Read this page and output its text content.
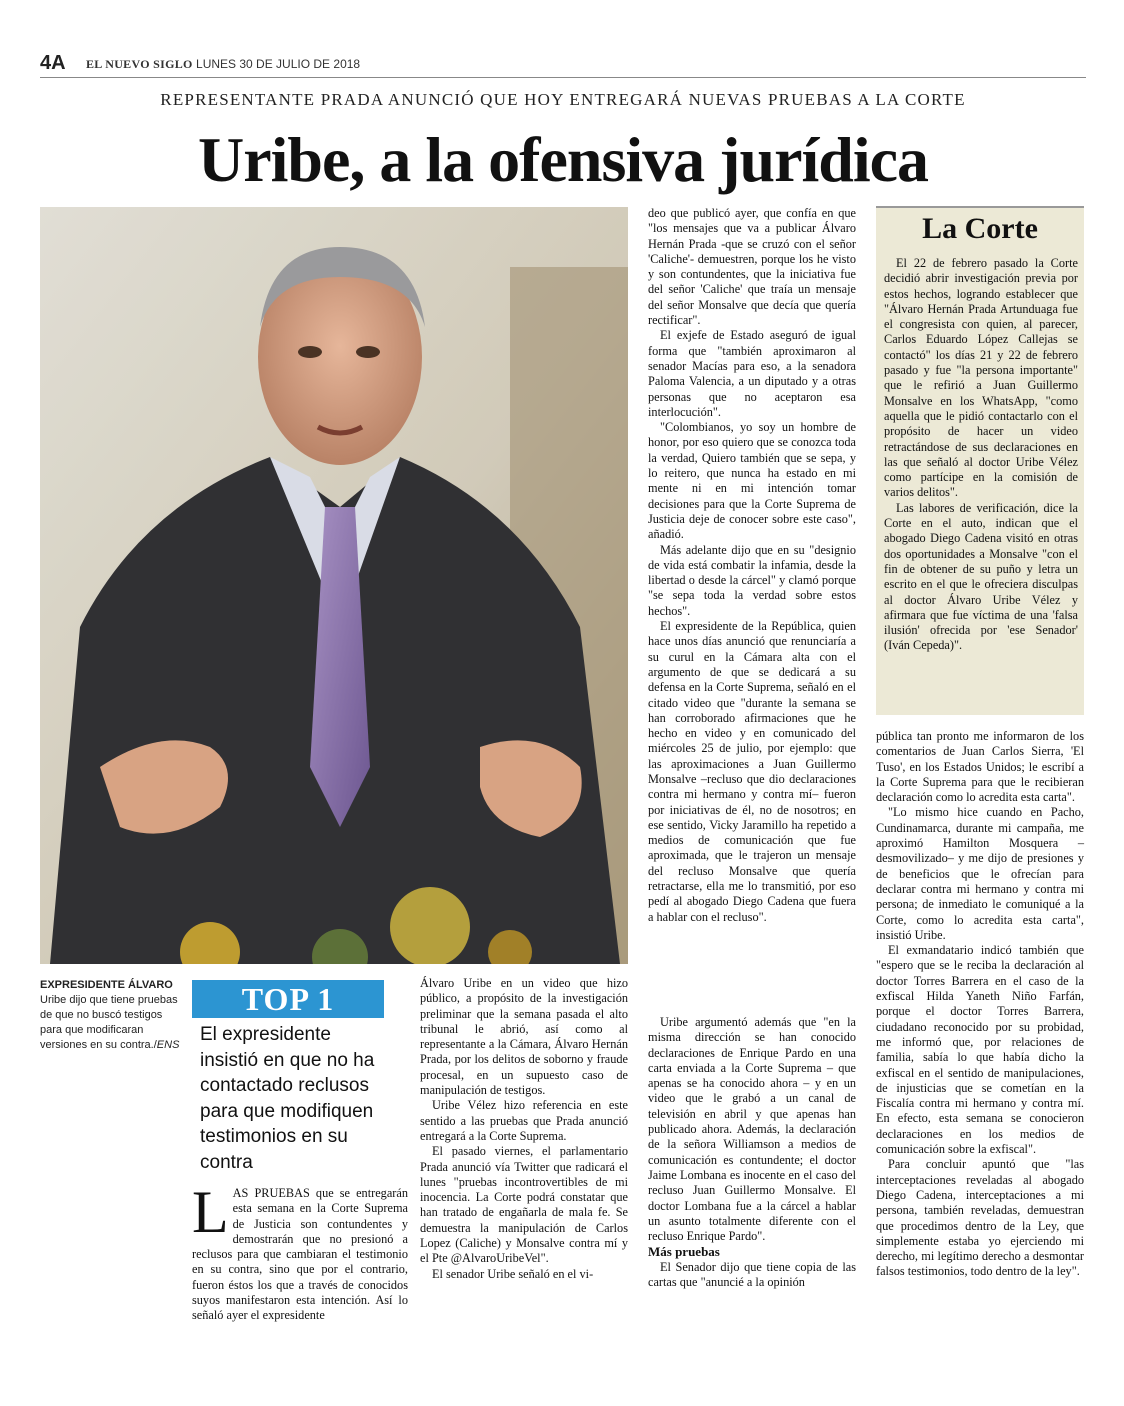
4A EL NUEVO SIGLO LUNES 30 DE JULIO DE 2018
REPRESENTANTE PRADA ANUNCIÓ QUE HOY ENTREGARÁ NUEVAS PRUEBAS A LA CORTE
Uribe, a la ofensiva jurídica
EXPRESIDENTE ÁLVARO
Uribe dijo que tiene pruebas de que no buscó testigos para que modificaran versiones en su contra./ENS
TOP 1
El expresidente insistió en que no ha contactado reclusos para que modifiquen testimonios en su contra
LAS PRUEBAS que se entregarán esta semana en la Corte Suprema de Justicia son contundentes y demostrarán que no presionó a reclusos para que cambiaran el testimonio en su contra, sino que por el contrario, fueron éstos los que a través de conocidos suyos manifestaron esta intención. Así lo señaló ayer el expresidente

Álvaro Uribe en un video que hizo público, a propósito de la investigación preliminar que la semana pasada el alto tribunal le abrió, así como al representante a la Cámara, Álvaro Hernán Prada, por los delitos de soborno y fraude procesal, en un supuesto caso de manipulación de testigos.

Uribe Vélez hizo referencia en este sentido a las pruebas que Prada anunció entregará a la Corte Suprema.

El pasado viernes, el parlamentario Prada anunció vía Twitter que radicará el lunes "pruebas incontrovertibles de mi inocencia. La Corte podrá constatar que han tratado de engañarla de mala fe. Se demuestra la manipulación de Carlos Lopez (Caliche) y Monsalve contra mí y el Pte @AlvaroUribeVel".

El senador Uribe señaló en el vi-

deo que publicó ayer, que confía en que "los mensajes que va a publicar Álvaro Hernán Prada -que se cruzó con el señor 'Caliche'- demuestren, porque los he visto y son contundentes, que la iniciativa fue del señor 'Caliche' que traía un mensaje del señor Monsalve que decía que quería rectificar".

El exjefe de Estado aseguró de igual forma que "también aproximaron al senador Macías para eso, a la senadora Paloma Valencia, a un diputado y a otras personas que no aceptaron esa interlocución".

"Colombianos, yo soy un hombre de honor, por eso quiero que se conozca toda la verdad, Quiero también que se sepa, y lo reitero, que nunca ha estado en mi mente ni en mi intención tomar decisiones para que la Corte Suprema de Justicia deje de conocer sobre este caso", añadió.

Más adelante dijo que en su "designio de vida está combatir la infamia, desde la libertad o desde la cárcel" y clamó porque "se sepa toda la verdad sobre estos hechos".

El expresidente de la República, quien hace unos días anunció que renunciaría a su curul en la Cámara alta con el argumento de que se dedicará a su defensa en la Corte Suprema, señaló en el citado video que "durante la semana se han corroborado afirmaciones que he hecho en video y en comunicado del miércoles 25 de julio, por ejemplo: que las aproximaciones a Juan Guillermo Monsalve –recluso que dio declaraciones contra mi hermano y contra mí– fueron por iniciativas de él, no de nosotros; en ese sentido, Vicky Jaramillo ha repetido a medios de comunicación que fue aproximada, que le trajeron un mensaje del recluso Monsalve que quería retractarse, ella me lo transmitió, por eso pedí al abogado Diego Cadena que fuera a hablar con el recluso".

Uribe argumentó además que "en la misma dirección se han conocido declaraciones de Enrique Pardo en una carta enviada a la Corte Suprema – que apenas se ha conocido ahora – y en un video que le grabó a un canal de televisión en abril y que apenas han publicado ahora. Además, la declaración de la señora Williamson a medios de comunicación es contundente; el doctor Jaime Lombana es inocente en el caso del recluso Juan Guillermo Monsalve. El doctor Lombana fue a la cárcel a hablar un asunto totalmente diferente con el recluso Enrique Pardo".

Más pruebas

El Senador dijo que tiene copia de las cartas que "anuncié a la opinión

La Corte

El 22 de febrero pasado la Corte decidió abrir investigación previa por estos hechos, logrando establecer que "Álvaro Hernán Prada Artunduaga fue el congresista con quien, al parecer, Carlos Eduardo López Callejas se contactó" los días 21 y 22 de febrero pasado y fue "la persona importante" que le refirió a Juan Guillermo Monsalve en los WhatsApp, "como aquella que le pidió contactarlo con el propósito de hacer un video retractándose de sus declaraciones en las que señaló al doctor Uribe Vélez como partícipe en la comisión de varios delitos".

Las labores de verificación, dice la Corte en el auto, indican que el abogado Diego Cadena visitó en otras dos oportunidades a Monsalve "con el fin de obtener de su puño y letra un escrito en el que le ofreciera disculpas al doctor Álvaro Uribe Vélez y afirmara que fue víctima de una 'falsa ilusión' ofrecida por 'ese Senador' (Iván Cepeda)".

pública tan pronto me informaron de los comentarios de Juan Carlos Sierra, 'El Tuso', en los Estados Unidos; le escribí a la Corte Suprema para que le recibieran declaración como lo acredita esta carta".

"Lo mismo hice cuando en Pacho, Cundinamarca, durante mi campaña, me aproximó Hamilton Mosquera –desmovilizado– y me dijo de presiones y de beneficios que le ofrecían para declarar contra mi hermano y contra mi persona; de inmediato le comuniqué a la Corte, como lo acredita esta carta", insistió Uribe.

El exmandatario indicó también que "espero que se le reciba la declaración al doctor Torres Barrera en el caso de la exfiscal Hilda Yaneth Niño Farfán, porque el doctor Torres Barrera, ciudadano reconocido por su probidad, me informó que, por relaciones de familia, sabía lo que había dicho la exfiscal en el sentido de manipulaciones, de injusticias que se cometían en la Fiscalía contra mi hermano y contra mí. En efecto, esta semana se conocieron declaraciones en los medios de comunicación sobre la exfiscal".

Para concluir apuntó que "las interceptaciones reveladas al abogado Diego Cadena, interceptaciones a mi persona, también reveladas, demuestran que procedimos dentro de la Ley, que simplemente estaba yo ejerciendo mi derecho, mi legítimo derecho a desmontar falsos testimonios, todo dentro de la ley".
